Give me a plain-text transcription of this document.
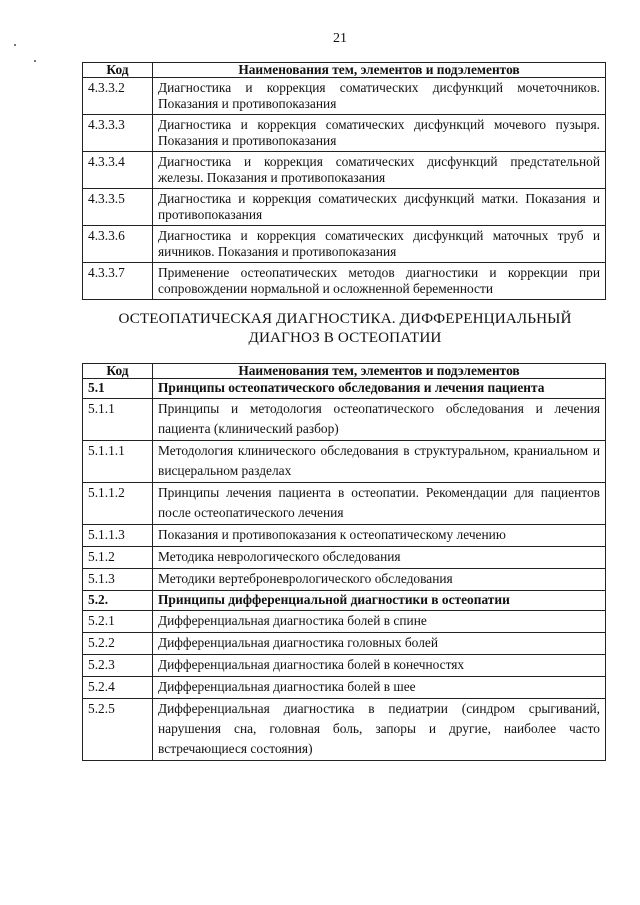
21
Код	Наименования тем, элементов и подэлементов
4.3.3.2	Диагностика и коррекция соматических дисфункций мочеточников. Показания и противопоказания
4.3.3.3	Диагностика и коррекция соматических дисфункций мочевого пузыря. Показания и противопоказания
4.3.3.4	Диагностика и коррекция соматических дисфункций предстательной железы. Показания и противопоказания
4.3.3.5	Диагностика и коррекция соматических дисфункций матки. Показания и противопоказания
4.3.3.6	Диагностика и коррекция соматических дисфункций маточных труб и яичников. Показания и противопоказания
4.3.3.7	Применение остеопатических методов диагностики и коррекции при сопровождении нормальной и осложненной беременности
ОСТЕОПАТИЧЕСКАЯ ДИАГНОСТИКА. ДИФФЕРЕНЦИАЛЬНЫЙ
ДИАГНОЗ В ОСТЕОПАТИИ
Код	Наименования тем, элементов и подэлементов
5.1	Принципы остеопатического обследования и лечения пациента
5.1.1	Принципы и методология остеопатического обследования и лечения пациента (клинический разбор)
5.1.1.1	Методология клинического обследования в структуральном, краниальном и висцеральном разделах
5.1.1.2	Принципы лечения пациента в остеопатии. Рекомендации для пациентов после остеопатического лечения
5.1.1.3	Показания и противопоказания к остеопатическому лечению
5.1.2	Методика неврологического обследования
5.1.3	Методики вертеброневрологического обследования
5.2.	Принципы дифференциальной диагностики в остеопатии
5.2.1	Дифференциальная диагностика болей в спине
5.2.2	Дифференциальная диагностика головных болей
5.2.3	Дифференциальная диагностика болей в конечностях
5.2.4	Дифференциальная диагностика болей в шее
5.2.5	Дифференциальная диагностика в педиатрии (синдром срыгиваний, нарушения сна, головная боль, запоры и другие, наиболее часто встречающиеся состояния)
